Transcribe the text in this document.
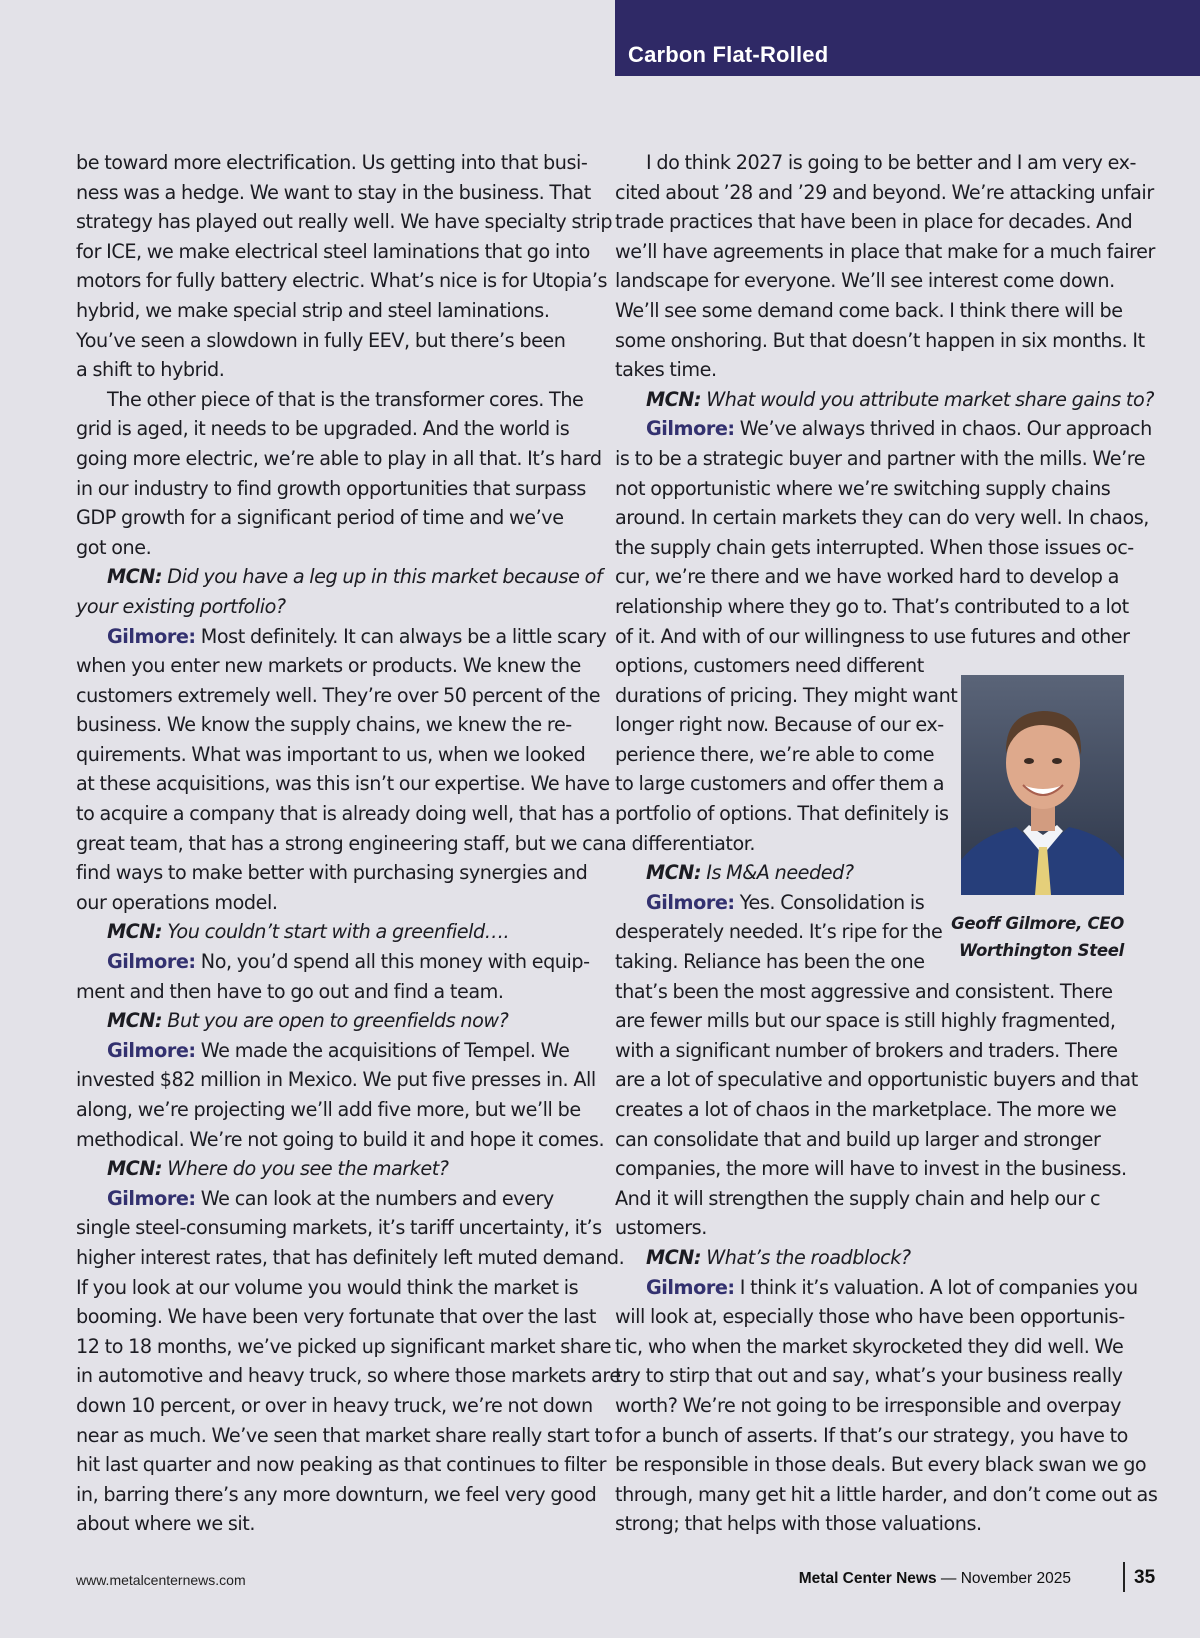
Carbon Flat-Rolled
be toward more electrification. Us getting into that busi-
ness was a hedge. We want to stay in the business. That
strategy has played out really well. We have specialty strip
for ICE, we make electrical steel laminations that go into
motors for fully battery electric. What’s nice is for Utopia’s
hybrid, we make special strip and steel laminations.
You’ve seen a slowdown in fully EEV, but there’s been
a shift to hybrid.
The other piece of that is the transformer cores. The
grid is aged, it needs to be upgraded. And the world is
going more electric, we’re able to play in all that. It’s hard
in our industry to find growth opportunities that surpass
GDP growth for a significant period of time and we’ve
got one.
MCN: Did you have a leg up in this market because of
your existing portfolio?
Gilmore: Most definitely. It can always be a little scary
when you enter new markets or products. We knew the
customers extremely well. They’re over 50 percent of the
business. We know the supply chains, we knew the re-
quirements. What was important to us, when we looked
at these acquisitions, was this isn’t our expertise. We have
to acquire a company that is already doing well, that has a
great team, that has a strong engineering staff, but we can
find ways to make better with purchasing synergies and
our operations model.
MCN: You couldn’t start with a greenfield….
Gilmore: No, you’d spend all this money with equip-
ment and then have to go out and find a team.
MCN: But you are open to greenfields now?
Gilmore: We made the acquisitions of Tempel. We
invested $82 million in Mexico. We put five presses in. All
along, we’re projecting we’ll add five more, but we’ll be
methodical. We’re not going to build it and hope it comes.
MCN: Where do you see the market?
Gilmore: We can look at the numbers and every
single steel-consuming markets, it’s tariff uncertainty, it’s
higher interest rates, that has definitely left muted demand.
If you look at our volume you would think the market is
booming. We have been very fortunate that over the last
12 to 18 months, we’ve picked up significant market share
in automotive and heavy truck, so where those markets are
down 10 percent, or over in heavy truck, we’re not down
near as much. We’ve seen that market share really start to
hit last quarter and now peaking as that continues to filter
in, barring there’s any more downturn, we feel very good
about where we sit.
I do think 2027 is going to be better and I am very ex-
cited about ’28 and ’29 and beyond. We’re attacking unfair
trade practices that have been in place for decades. And
we’ll have agreements in place that make for a much fairer
landscape for everyone. We’ll see interest come down.
We’ll see some demand come back. I think there will be
some onshoring. But that doesn’t happen in six months. It
takes time.
MCN: What would you attribute market share gains to?
Gilmore: We’ve always thrived in chaos. Our approach
is to be a strategic buyer and partner with the mills. We’re
not opportunistic where we’re switching supply chains
around. In certain markets they can do very well. In chaos,
the supply chain gets interrupted. When those issues oc-
cur, we’re there and we have worked hard to develop a
relationship where they go to. That’s contributed to a lot
of it. And with of our willingness to use futures and other
options, customers need different
durations of pricing. They might want
longer right now. Because of our ex-
perience there, we’re able to come
to large customers and offer them a
portfolio of options. That definitely is
a differentiator.
MCN: Is M&A needed?
Gilmore: Yes. Consolidation is
desperately needed. It’s ripe for the
taking. Reliance has been the one
that’s been the most aggressive and consistent. There
are fewer mills but our space is still highly fragmented,
with a significant number of brokers and traders. There
are a lot of speculative and opportunistic buyers and that
creates a lot of chaos in the marketplace. The more we
can consolidate that and build up larger and stronger
companies, the more will have to invest in the business.
And it will strengthen the supply chain and help our c
ustomers.
MCN: What’s the roadblock?
Gilmore: I think it’s valuation. A lot of companies you
will look at, especially those who have been opportunis-
tic, who when the market skyrocketed they did well. We
try to stirp that out and say, what’s your business really
worth? We’re not going to be irresponsible and overpay
for a bunch of asserts. If that’s our strategy, you have to
be responsible in those deals. But every black swan we go
through, many get hit a little harder, and don’t come out as
strong; that helps with those valuations.
Geoff Gilmore, CEO
Worthington Steel
www.metalcenternews.com	Metal Center News — November 2025	35
